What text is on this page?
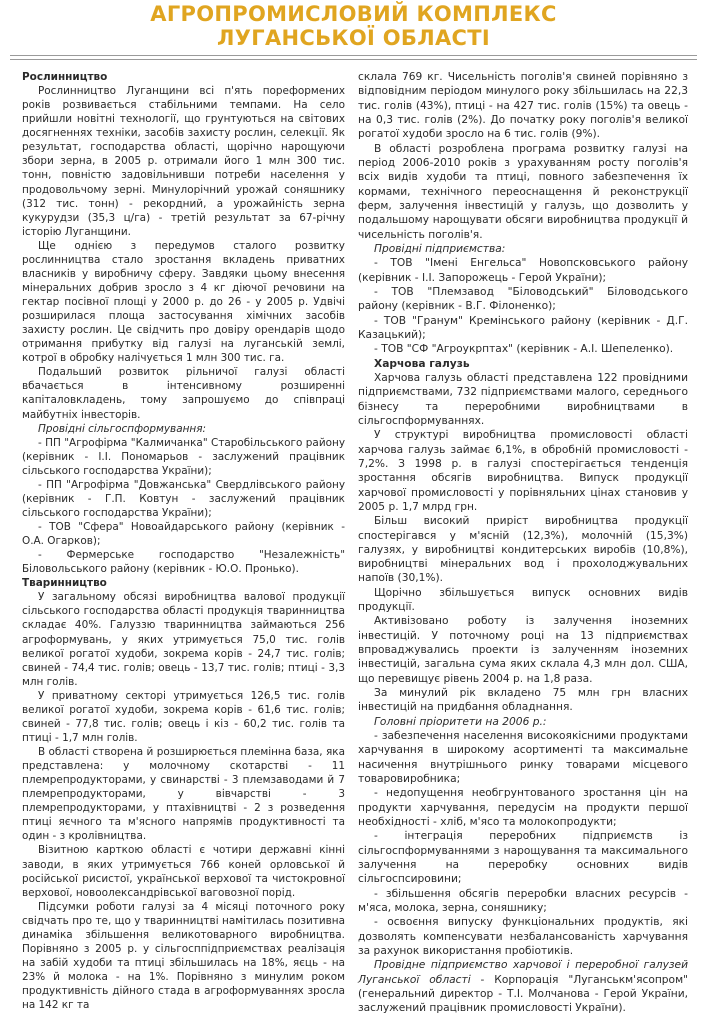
АГРОПРОМИСЛОВИЙ КОМПЛЕКС
ЛУГАНСЬКОЇ ОБЛАСТІ
Рослинництво

Рослинництво Луганщини всі п'ять пореформених років розвивається стабільними темпами. На село прийшли новітні технології, що грунтуються на світових досягненнях техніки, засобів захисту рослин, селекції. Як результат, господарства області, щорічно нарощуючи збори зерна, в 2005 р. отримали його 1 млн 300 тис. тонн, повністю задовільнивши потреби населення у продовольчому зерні. Минулорічний урожай соняшнику (312 тис. тонн) - рекордний, а урожайність зерна кукурудзи (35,3 ц/га) - третій результат за 67-річну історію Луганщини.

Ще однією з передумов сталого розвитку рослинництва стало зростання вкладень приватних власників у виробничу сферу. Завдяки цьому внесення мінеральних добрив зросло з 4 кг діючої речовини на гектар посівної площі у 2000 р. до 26 - у 2005 р. Удвічі розширилася площа застосування хімічних засобів захисту рослин. Це свідчить про довіру орендарів щодо отримання прибутку від галузі на луганській землі, котрої в обробку налічується 1 млн 300 тис. га.

Подальший розвиток рільничої галузі області вбачається в інтенсивному розширенні капіталовкладень, тому запрошуємо до співпраці майбутніх інвесторів.

Провідні сільгоспформування:

- ПП "Агрофірма "Калмичанка" Старобільського району (керівник - І.І. Пономарьов - заслужений працівник сільського господарства України);

- ПП "Агрофірма "Довжанська" Свердлівського району (керівник - Г.П. Ковтун - заслужений працівник сільського господарства України);

- ТОВ "Сфера" Новоайдарського району (керівник - О.А. Огарков);

- Фермерське господарство "Незалежність" Біловольського району (керівник - Ю.О. Пронько).

Тваринництво

У загальному обсязі виробництва валової продукції сільського господарства області продукція тваринництва складає 40%. Галуззю тваринництва займаються 256 агроформувань, у яких утримується 75,0 тис. голів великої рогатої худоби, зокрема корів - 24,7 тис. голів; свиней - 74,4 тис. голів; овець - 13,7 тис. голів; птиці - 3,3 млн голів.

У приватному секторі утримується 126,5 тис. голів великої рогатої худоби, зокрема корів - 61,6 тис. голів; свиней - 77,8 тис. голів; овець і кіз - 60,2 тис. голів та птиці - 1,7 млн голів.

В області створена й розширюється племінна база, яка представлена: у молочному скотарстві - 11 племрепродукторами, у свинарстві - 3 племзаводами й 7 племрепродукторами, у вівчарстві - 3 племрепродукторами, у птахівництві - 2 з розведення птиці яєчного та м'ясного напрямів продуктивності та один - з кролівництва.

Візитною карткою області є чотири державні кінні заводи, в яких утримується 766 коней орловської й російської рисистої, української верхової та чистокровної верхової, новоолександрівської ваговозної порід.

Підсумки роботи галузі за 4 місяці поточного року свідчать про те, що у тваринництві намітилась позитивна динаміка збільшення великотоварного виробництва. Порівняно з 2005 р. у сільгосппідприємствах реалізація на забій худоби та птиці збільшилась на 18%, яєць - на 23% й молока - на 1%. Порівняно з минулим роком продуктивність дійного стада в агроформуваннях зросла на 142 кг та

склала 769 кг. Чисельність поголів'я свиней порівняно з відповідним періодом минулого року збільшилась на 22,3 тис. голів (43%), птиці - на 427 тис. голів (15%) та овець - на 0,3 тис. голів (2%). До початку року поголів'я великої рогатої худоби зросло на 6 тис. голів (9%).

В області розроблена програма розвитку галузі на період 2006-2010 років з урахуванням росту поголів'я всіх видів худоби та птиці, повного забезпечення їх кормами, технічного переоснащення й реконструкції ферм, залучення інвестицій у галузь, що дозволить у подальшому нарощувати обсяги виробництва продукції й чисельність поголів'я.

Провідні підприємства:

- ТОВ "Імені Енгельса" Новопсковського району (керівник - І.І. Запорожець - Герой України);

- ТОВ "Племзавод "Біловодський" Біловодського району (керівник - В.Г. Філоненко);

- ТОВ "Гранум" Кремінського району (керівник - Д.Г. Казацький);

- ТОВ "СФ "Агроукрптах" (керівник - А.І. Шепеленко).

Харчова галузь

Харчова галузь області представлена 122 провідними підприємствами, 732 підприємствами малого, середнього бізнесу та переробними виробництвами в сільгоспформуваннях.

У структурі виробництва промисловості області харчова галузь займає 6,1%, в обробній промисловості - 7,2%. З 1998 р. в галузі спостерігається тенденція зростання обсягів виробництва. Випуск продукції харчової промисловості у порівняльних цінах становив у 2005 р. 1,7 млрд грн.

Більш високий приріст виробництва продукції спостерігався у м'ясній (12,3%), молочній (15,3%) галузях, у виробництві кондитерських виробів (10,8%), виробництві мінеральних вод і прохолоджувальних напоїв (30,1%).

Щорічно збільшується випуск основних видів продукції.

Активізовано роботу із залучення іноземних інвестицій. У поточному році на 13 підприємствах впроваджувались проекти із залученням іноземних інвестицій, загальна сума яких склала 4,3 млн дол. США, що перевищує рівень 2004 р. на 1,8 раза.

За минулий рік вкладено 75 млн грн власних інвестицій на придбання обладнання.

Головні пріоритети на 2006 р.:

- забезпечення населення високоякісними продуктами харчування в широкому асортименті та максимальне насичення внутрішнього ринку товарами місцевого товаровиробника;

- недопущення необгрунтованого зростання цін на продукти харчування, передусім на продукти першої необхідності - хліб, м'ясо та молокопродукти;

- інтеграція переробних підприємств із сільгоспформуваннями з нарощування та максимального залучення на переробку основних видів сільгоспсировини;

- збільшення обсягів переробки власних ресурсів - м'яса, молока, зерна, соняшнику;

- освоєння випуску функціональних продуктів, які дозволять компенсувати незбалансованість харчування за рахунок використання пробіотиків.

Провідне підприємство харчової і переробної галузей Луганської області - Корпорація "Луганськм'ясопром" (генеральний директор - Т.І. Молчанова - Герой України, заслужений працівник промисловості України).
